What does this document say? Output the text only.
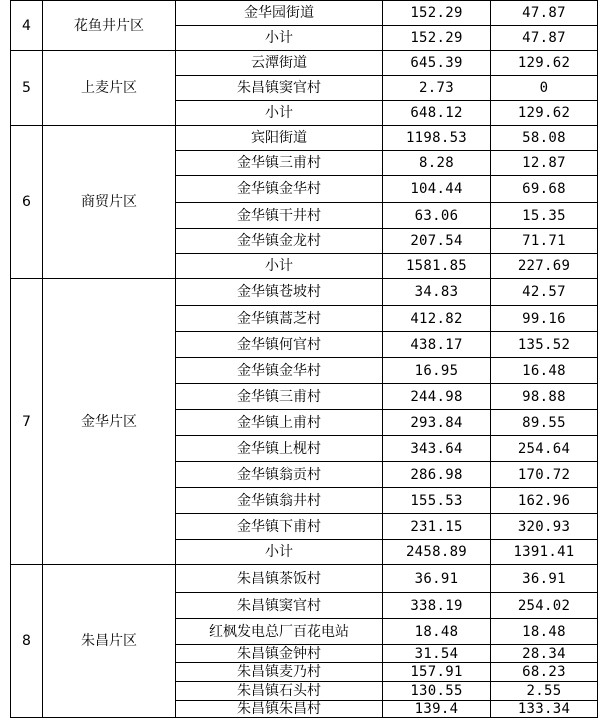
4	花鱼井片区	金华园街道	152.29	47.87
		小计	152.29	47.87
5	上麦片区	云潭街道	645.39	129.62
		朱昌镇窦官村	2.73	0
		小计	648.12	129.62
6	商贸片区	宾阳街道	1198.53	58.08
		金华镇三甫村	8.28	12.87
		金华镇金华村	104.44	69.68
		金华镇干井村	63.06	15.35
		金华镇金龙村	207.54	71.71
		小计	1581.85	227.69
7	金华片区	金华镇苍坡村	34.83	42.57
		金华镇蒿芝村	412.82	99.16
		金华镇何官村	438.17	135.52
		金华镇金华村	16.95	16.48
		金华镇三甫村	244.98	98.88
		金华镇上甫村	293.84	89.55
		金华镇上枧村	343.64	254.64
		金华镇翁贡村	286.98	170.72
		金华镇翁井村	155.53	162.96
		金华镇下甫村	231.15	320.93
		小计	2458.89	1391.41
8	朱昌片区	朱昌镇茶饭村	36.91	36.91
		朱昌镇窦官村	338.19	254.02
		红枫发电总厂百花电站	18.48	18.48
		朱昌镇金钟村	31.54	28.34
		朱昌镇麦乃村	157.91	68.23
		朱昌镇石头村	130.55	2.55
		朱昌镇朱昌村	139.4	133.34
